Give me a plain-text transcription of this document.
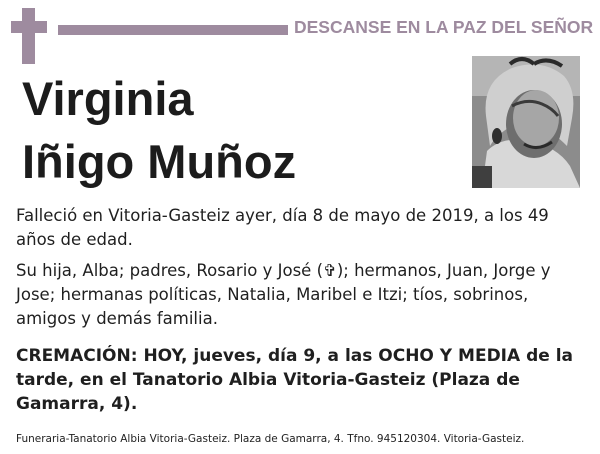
DESCANSE EN LA PAZ DEL SEÑOR
Virginia
Iñigo Muñoz
Falleció en Vitoria-Gasteiz ayer, día 8 de mayo de 2019, a los 49 años de edad.
Su hija, Alba; padres, Rosario y José (✞); hermanos, Juan, Jorge y Jose; hermanas políticas, Natalia, Maribel e Itzi; tíos, sobrinos, amigos y demás familia.
CREMACIÓN: HOY, jueves, día 9, a las OCHO Y MEDIA de la tarde, en el Tanatorio Albia Vitoria-Gasteiz (Plaza de Gamarra, 4).
Funeraria-Tanatorio Albia Vitoria-Gasteiz. Plaza de Gamarra, 4. Tfno. 945120304. Vitoria-Gasteiz.
